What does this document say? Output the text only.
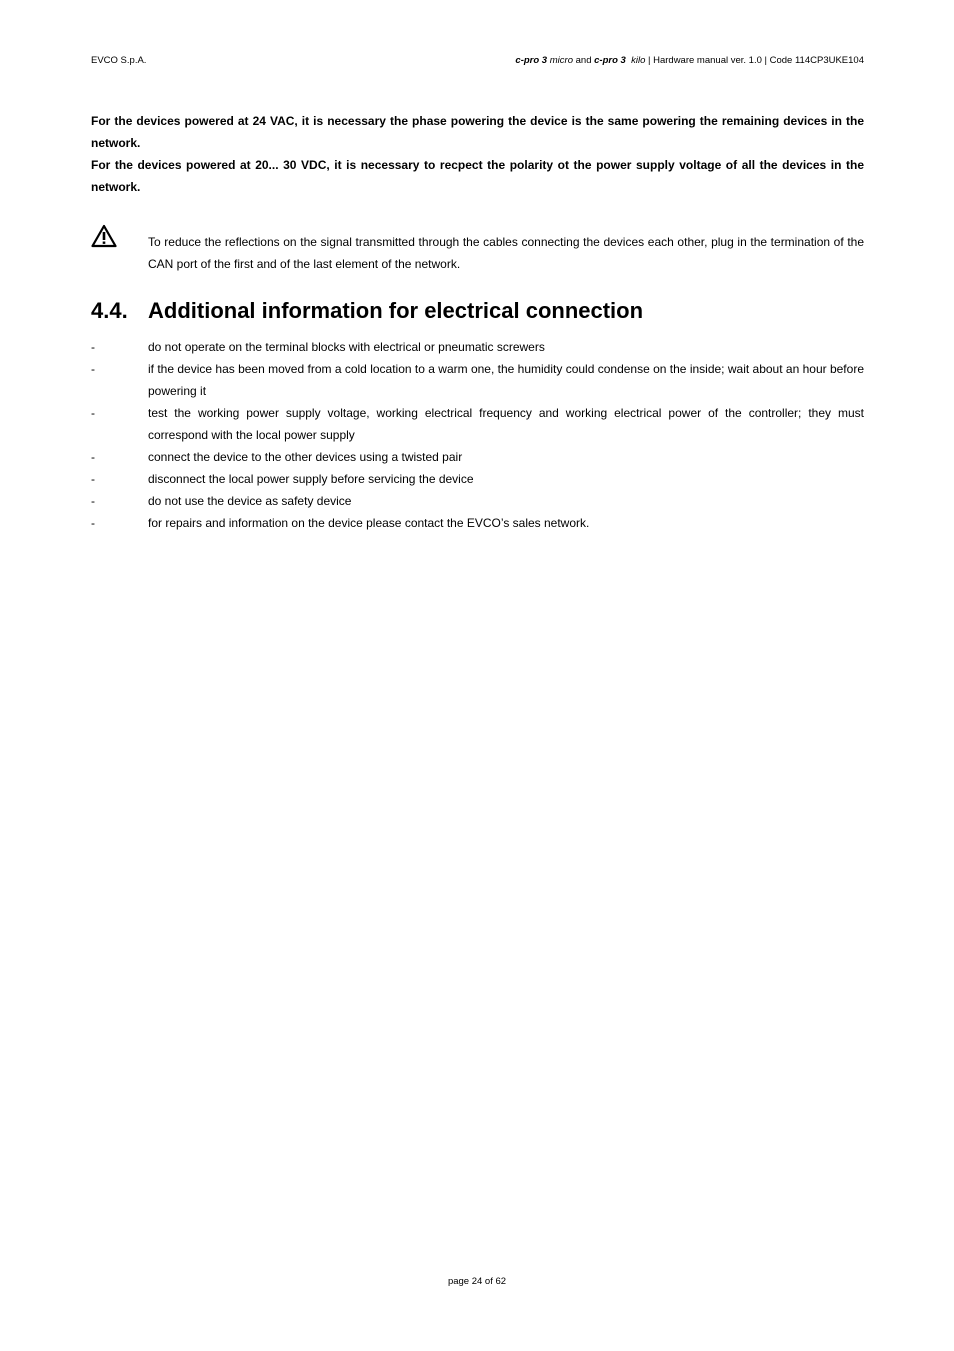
EVCO S.p.A.	c-pro 3 micro and c-pro 3 kilo | Hardware manual ver. 1.0 | Code 114CP3UKE104
For the devices powered at 24 VAC, it is necessary the phase powering the device is the same powering the remaining devices in the network.
For the devices powered at 20... 30 VDC, it is necessary to recpect the polarity ot the power supply voltage of all the devices in the network.
To reduce the reflections on the signal transmitted through the cables connecting the devices each other, plug in the termination of the CAN port of the first and of the last element of the network.
4.4. Additional information for electrical connection
-	do not operate on the terminal blocks with electrical or pneumatic screwers
-	if the device has been moved from a cold location to a warm one, the humidity could condense on the inside; wait about an hour before powering it
-	test the working power supply voltage, working electrical frequency and working electrical power of the controller; they must correspond with the local power supply
-	connect the device to the other devices using a twisted pair
-	disconnect the local power supply before servicing the device
-	do not use the device as safety device
-	for repairs and information on the device please contact the EVCO’s sales network.
page 24 of 62
